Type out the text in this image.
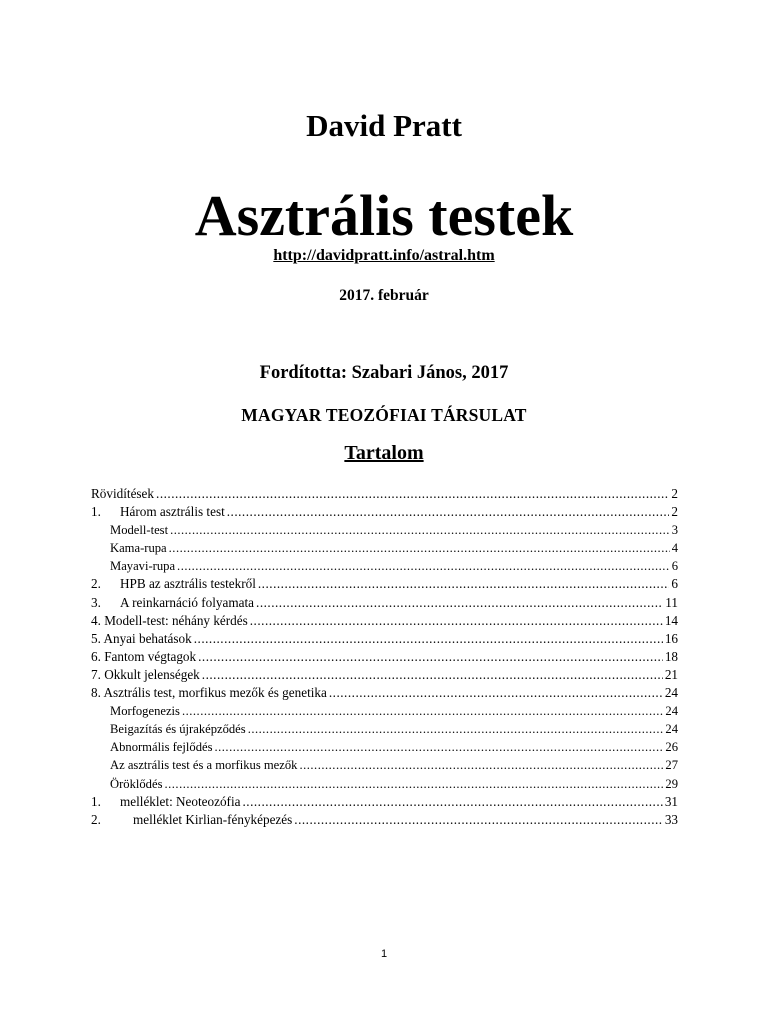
David Pratt
Asztrális testek
http://davidpratt.info/astral.htm
2017. február
Fordította: Szabari János, 2017
MAGYAR TEOZÓFIAI TÁRSULAT
Tartalom
Rövidítések .....	2
1.	Három asztrális test .....	2
Modell-test .....	3
Kama-rupa .....	4
Mayavi-rupa .....	6
2.	HPB az asztrális testekről .....	6
3.	A reinkarnáció folyamata .....	11
4. Modell-test: néhány kérdés .....	14
5. Anyai behatások .....	16
6. Fantom végtagok .....	18
7. Okkult jelenségek .....	21
8. Asztrális test, morfikus mezők és genetika .....	24
Morfogenezis .....	24
Beigazítás és újraképződés .....	24
Abnormális fejlődés .....	26
Az asztrális test és a morfikus mezők .....	27
Öröklődés .....	29
1.	melléklet: Neoteozófia .....	31
2.	melléklet Kirlian-fényképezés .....	33
1
